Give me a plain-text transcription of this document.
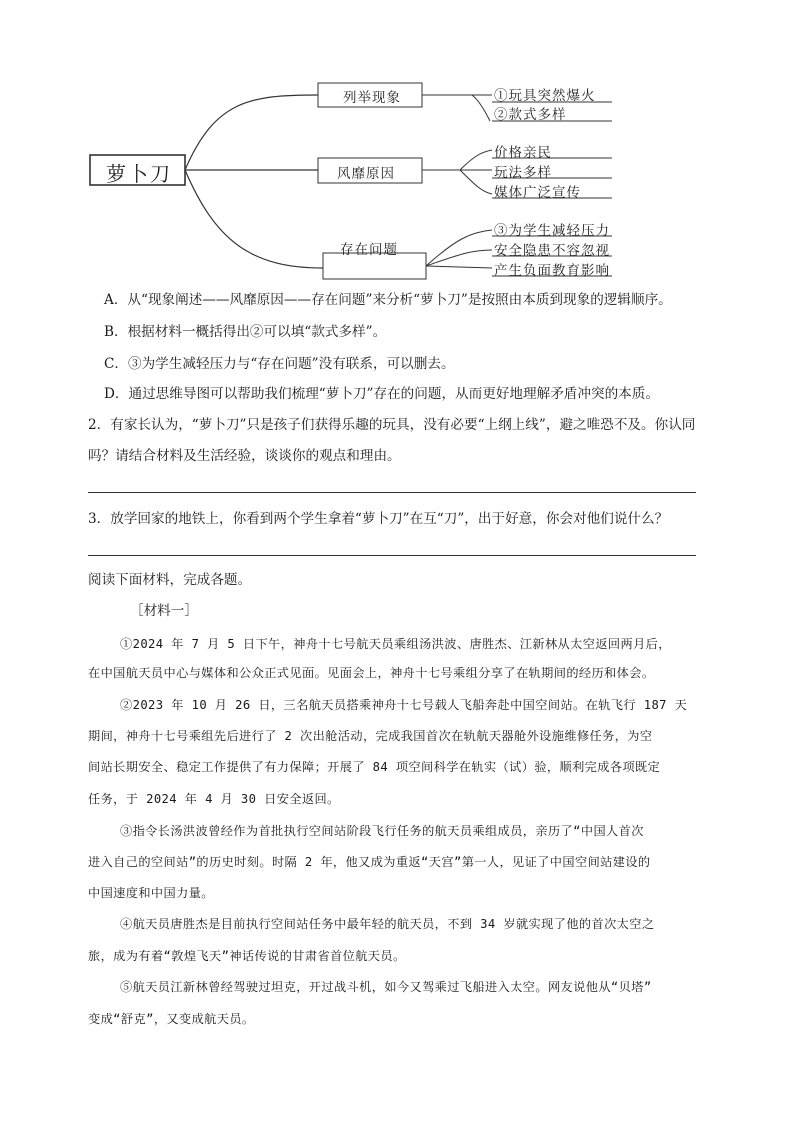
萝卜刀
列举现象
风靡原因
存在问题
①玩具突然爆火
②款式多样
价格亲民
玩法多样
媒体广泛宣传
③为学生减轻压力
安全隐患不容忽视
产生负面教育影响
A．从“现象阐述——风靡原因——存在问题”来分析“萝卜刀”是按照由本质到现象的逻辑顺序。
B．根据材料一概括得出②可以填“款式多样”。
C．③为学生减轻压力与“存在问题”没有联系，可以删去。
D．通过思维导图可以帮助我们梳理“萝卜刀”存在的问题，从而更好地理解矛盾冲突的本质。
2．有家长认为，“萝卜刀”只是孩子们获得乐趣的玩具，没有必要“上纲上线”，避之唯恐不及。你认同
吗？请结合材料及生活经验，谈谈你的观点和理由。
3．放学回家的地铁上，你看到两个学生拿着“萝卜刀”在互“刀”，出于好意，你会对他们说什么？
阅读下面材料，完成各题。
［材料一］
①2024 年 7 月 5 日下午，神舟十七号航天员乘组汤洪波、唐胜杰、江新林从太空返回两月后，
在中国航天员中心与媒体和公众正式见面。见面会上，神舟十七号乘组分享了在轨期间的经历和体会。
②2023 年 10 月 26 日，三名航天员搭乘神舟十七号载人飞船奔赴中国空间站。在轨飞行 187 天
期间，神舟十七号乘组先后进行了 2 次出舱活动，完成我国首次在轨航天器舱外设施维修任务，为空
间站长期安全、稳定工作提供了有力保障；开展了 84 项空间科学在轨实（试）验，顺利完成各项既定
任务，于 2024 年 4 月 30 日安全返回。
③指令长汤洪波曾经作为首批执行空间站阶段飞行任务的航天员乘组成员，亲历了“中国人首次
进入自己的空间站”的历史时刻。时隔 2 年，他又成为重返“天宫”第一人，见证了中国空间站建设的
中国速度和中国力量。
④航天员唐胜杰是目前执行空间站任务中最年轻的航天员，不到 34 岁就实现了他的首次太空之
旅，成为有着“敦煌飞天”神话传说的甘肃省首位航天员。
⑤航天员江新林曾经驾驶过坦克，开过战斗机，如今又驾乘过飞船进入太空。网友说他从“贝塔”
变成“舒克”，又变成航天员。
